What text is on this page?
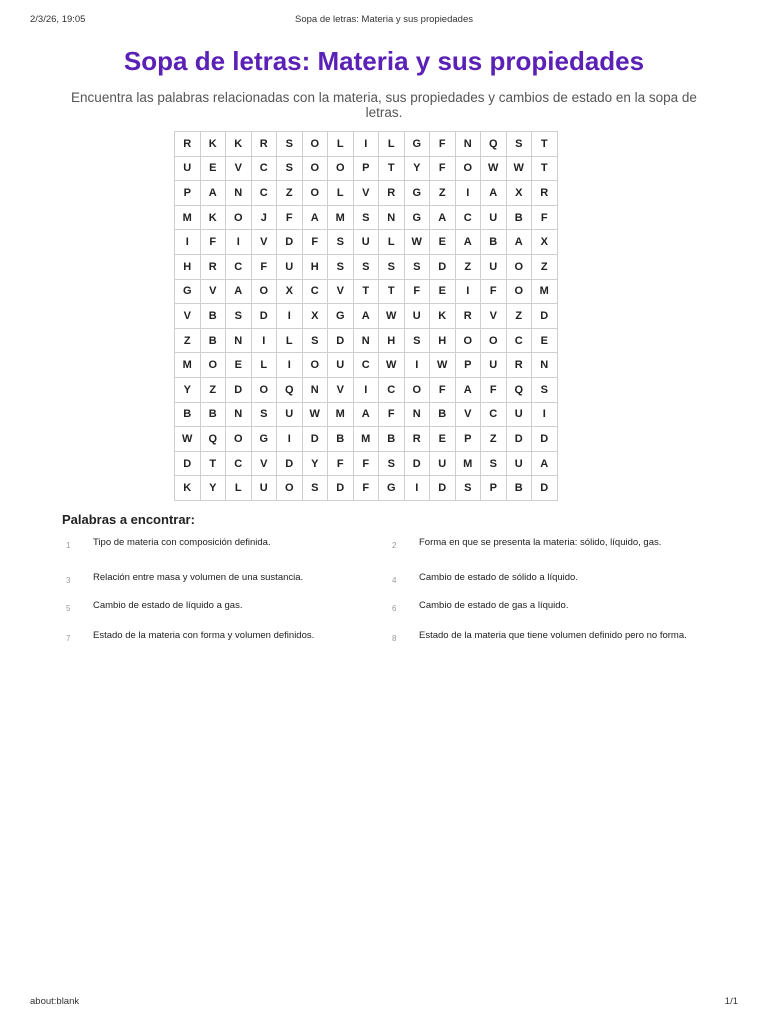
2/3/26, 19:05	Sopa de letras: Materia y sus propiedades
Sopa de letras: Materia y sus propiedades

Encuentra las palabras relacionadas con la materia, sus propiedades y cambios de estado en la sopa de letras.

R	K	K	R	S	O	L	I	L	G	F	N	Q	S	T
U	E	V	C	S	O	O	P	T	Y	F	O	W	W	T
P	A	N	C	Z	O	L	V	R	G	Z	I	A	X	R
M	K	O	J	F	A	M	S	N	G	A	C	U	B	F
I	F	I	V	D	F	S	U	L	W	E	A	B	A	X
H	R	C	F	U	H	S	S	S	S	D	Z	U	O	Z
G	V	A	O	X	C	V	T	T	F	E	I	F	O	M
V	B	S	D	I	X	G	A	W	U	K	R	V	Z	D
Z	B	N	I	L	S	D	N	H	S	H	O	O	C	E
M	O	E	L	I	O	U	C	W	I	W	P	U	R	N
Y	Z	D	O	Q	N	V	I	C	O	F	A	F	Q	S
B	B	N	S	U	W	M	A	F	N	B	V	C	U	I
W	Q	O	G	I	D	B	M	B	R	E	P	Z	D	D
D	T	C	V	D	Y	F	F	S	D	U	M	S	U	A
K	Y	L	U	O	S	D	F	G	I	D	S	P	B	D
Palabras a encontrar:
1	Tipo de materia con composición definida.	2	Forma en que se presenta la materia: sólido, líquido, gas.
3	Relación entre masa y volumen de una sustancia.	4	Cambio de estado de sólido a líquido.
5	Cambio de estado de líquido a gas.	6	Cambio de estado de gas a líquido.
7	Estado de la materia con forma y volumen definidos.	8	Estado de la materia que tiene volumen definido pero no forma.
about:blank	1/1
